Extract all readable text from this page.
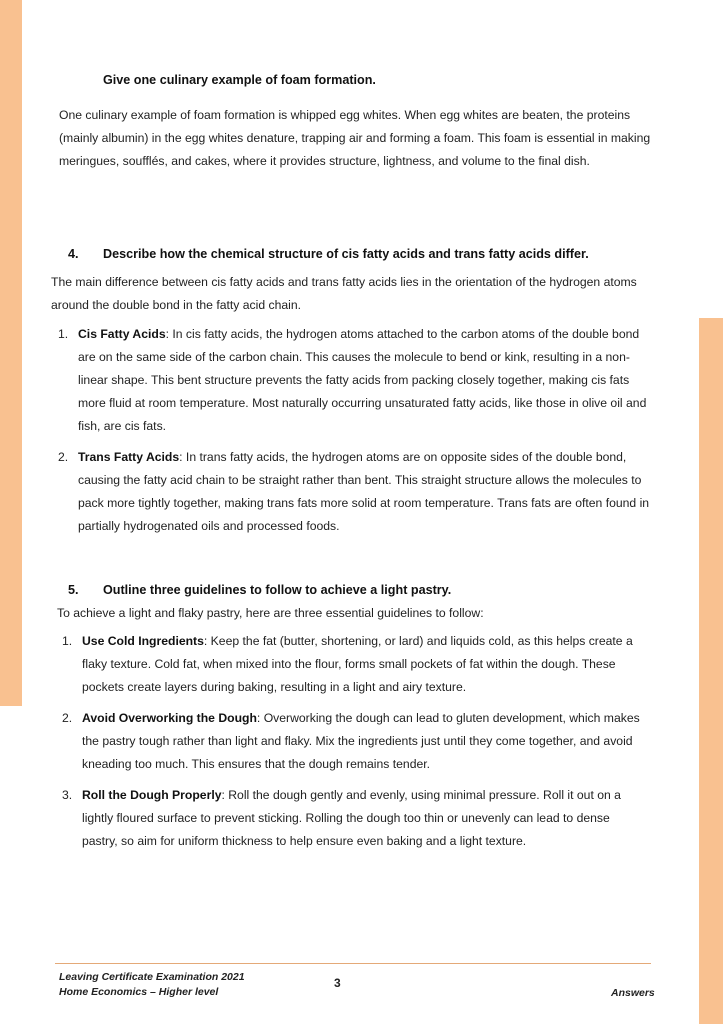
Give one culinary example of foam formation.

One culinary example of foam formation is whipped egg whites. When egg whites are beaten, the proteins (mainly albumin) in the egg whites denature, trapping air and forming a foam. This foam is essential in making meringues, soufflés, and cakes, where it provides structure, lightness, and volume to the final dish.

4. Describe how the chemical structure of cis fatty acids and trans fatty acids differ.

The main difference between cis fatty acids and trans fatty acids lies in the orientation of the hydrogen atoms around the double bond in the fatty acid chain.

1. Cis Fatty Acids: In cis fatty acids, the hydrogen atoms attached to the carbon atoms of the double bond are on the same side of the carbon chain. This causes the molecule to bend or kink, resulting in a non-linear shape. This bent structure prevents the fatty acids from packing closely together, making cis fats more fluid at room temperature. Most naturally occurring unsaturated fatty acids, like those in olive oil and fish, are cis fats.
2. Trans Fatty Acids: In trans fatty acids, the hydrogen atoms are on opposite sides of the double bond, causing the fatty acid chain to be straight rather than bent. This straight structure allows the molecules to pack more tightly together, making trans fats more solid at room temperature. Trans fats are often found in partially hydrogenated oils and processed foods.
5. Outline three guidelines to follow to achieve a light pastry.

To achieve a light and flaky pastry, here are three essential guidelines to follow:

1. Use Cold Ingredients: Keep the fat (butter, shortening, or lard) and liquids cold, as this helps create a flaky texture. Cold fat, when mixed into the flour, forms small pockets of fat within the dough. These pockets create layers during baking, resulting in a light and airy texture.
2. Avoid Overworking the Dough: Overworking the dough can lead to gluten development, which makes the pastry tough rather than light and flaky. Mix the ingredients just until they come together, and avoid kneading too much. This ensures that the dough remains tender.
3. Roll the Dough Properly: Roll the dough gently and evenly, using minimal pressure. Roll it out on a lightly floured surface to prevent sticking. Rolling the dough too thin or unevenly can lead to dense pastry, so aim for uniform thickness to help ensure even baking and a light texture.
Leaving Certificate Examination 2021
Home Economics – Higher level
3
Answers
